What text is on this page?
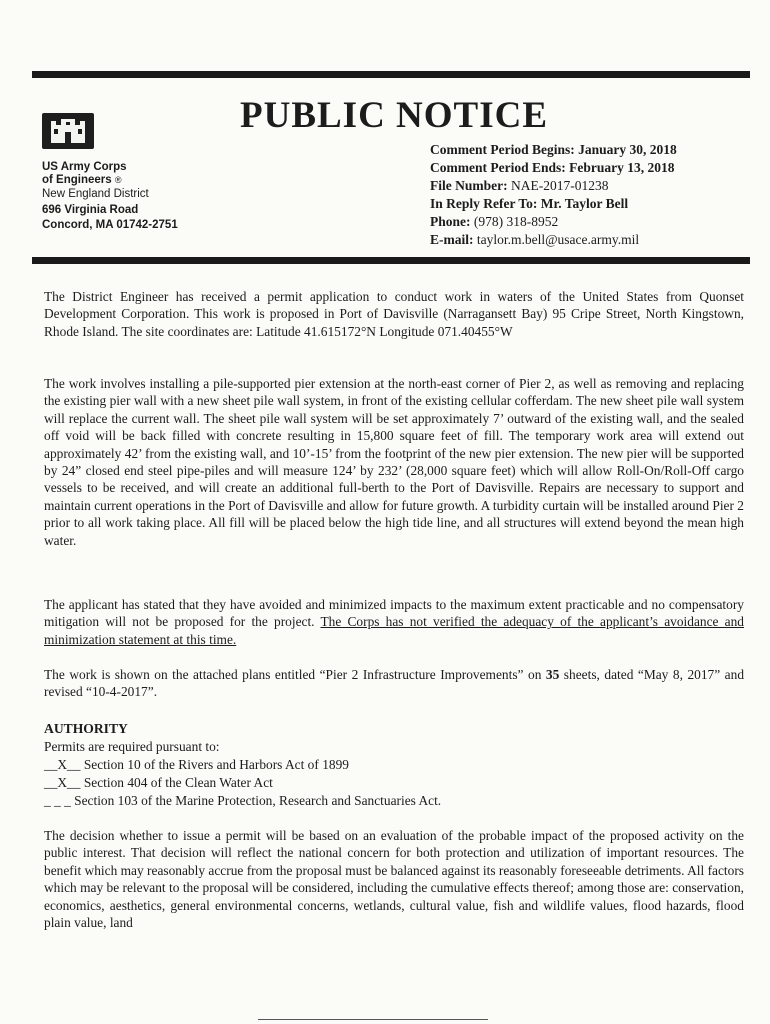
PUBLIC NOTICE
US Army Corps
of Engineers ®
New England District
696 Virginia Road
Concord, MA 01742-2751
Comment Period Begins: January 30, 2018
Comment Period Ends: February 13, 2018
File Number: NAE-2017-01238
In Reply Refer To: Mr. Taylor Bell
Phone: (978) 318-8952
E-mail: taylor.m.bell@usace.army.mil
The District Engineer has received a permit application to conduct work in waters of the United States from Quonset Development Corporation. This work is proposed in Port of Davisville (Narragansett Bay) 95 Cripe Street, North Kingstown, Rhode Island. The site coordinates are: Latitude 41.615172°N Longitude 071.40455°W
The work involves installing a pile-supported pier extension at the north-east corner of Pier 2, as well as removing and replacing the existing pier wall with a new sheet pile wall system, in front of the existing cellular cofferdam. The new sheet pile wall system will replace the current wall. The sheet pile wall system will be set approximately 7’ outward of the existing wall, and the sealed off void will be back filled with concrete resulting in 15,800 square feet of fill. The temporary work area will extend out approximately 42’ from the existing wall, and 10’-15’ from the footprint of the new pier extension. The new pier will be supported by 24” closed end steel pipe-piles and will measure 124’ by 232’ (28,000 square feet) which will allow Roll-On/Roll-Off cargo vessels to be received, and will create an additional full-berth to the Port of Davisville. Repairs are necessary to support and maintain current operations in the Port of Davisville and allow for future growth. A turbidity curtain will be installed around Pier 2 prior to all work taking place. All fill will be placed below the high tide line, and all structures will extend beyond the mean high water.
The applicant has stated that they have avoided and minimized impacts to the maximum extent practicable and no compensatory mitigation will not be proposed for the project. The Corps has not verified the adequacy of the applicant’s avoidance and minimization statement at this time.
The work is shown on the attached plans entitled “Pier 2 Infrastructure Improvements” on 35 sheets, dated “May 8, 2017” and revised “10-4-2017”.
AUTHORITY
Permits are required pursuant to:
__X__ Section 10 of the Rivers and Harbors Act of 1899
__X__ Section 404 of the Clean Water Act
_ _ _ Section 103 of the Marine Protection, Research and Sanctuaries Act.
The decision whether to issue a permit will be based on an evaluation of the probable impact of the proposed activity on the public interest. That decision will reflect the national concern for both protection and utilization of important resources. The benefit which may reasonably accrue from the proposal must be balanced against its reasonably foreseeable detriments. All factors which may be relevant to the proposal will be considered, including the cumulative effects thereof; among those are: conservation, economics, aesthetics, general environmental concerns, wetlands, cultural value, fish and wildlife values, flood hazards, flood plain value, land
